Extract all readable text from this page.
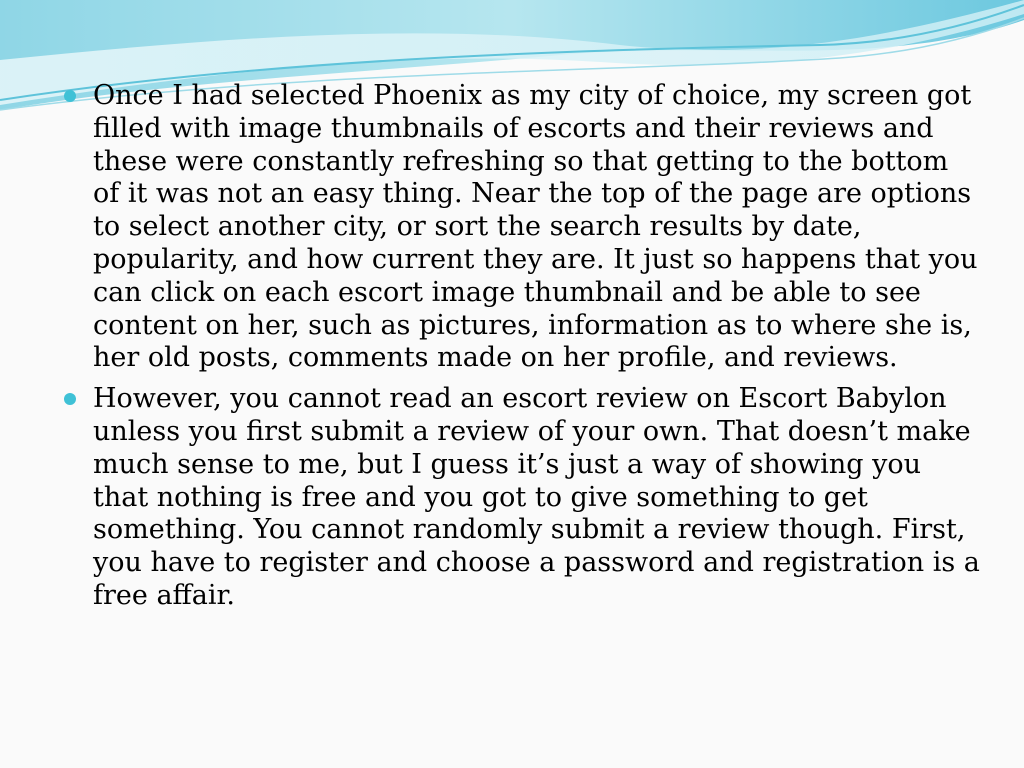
Once I had selected Phoenix as my city of choice, my screen got filled with image thumbnails of escorts and their reviews and these were constantly refreshing so that getting to the bottom of it was not an easy thing. Near the top of the page are options to select another city, or sort the search results by date, popularity, and how current they are. It just so happens that you can click on each escort image thumbnail and be able to see content on her, such as pictures, information as to where she is, her old posts, comments made on her profile, and reviews.
However, you cannot read an escort review on Escort Babylon unless you first submit a review of your own. That doesn’t make much sense to me, but I guess it’s just a way of showing you that nothing is free and you got to give something to get something. You cannot randomly submit a review though. First, you have to register and choose a password and registration is a free affair.
